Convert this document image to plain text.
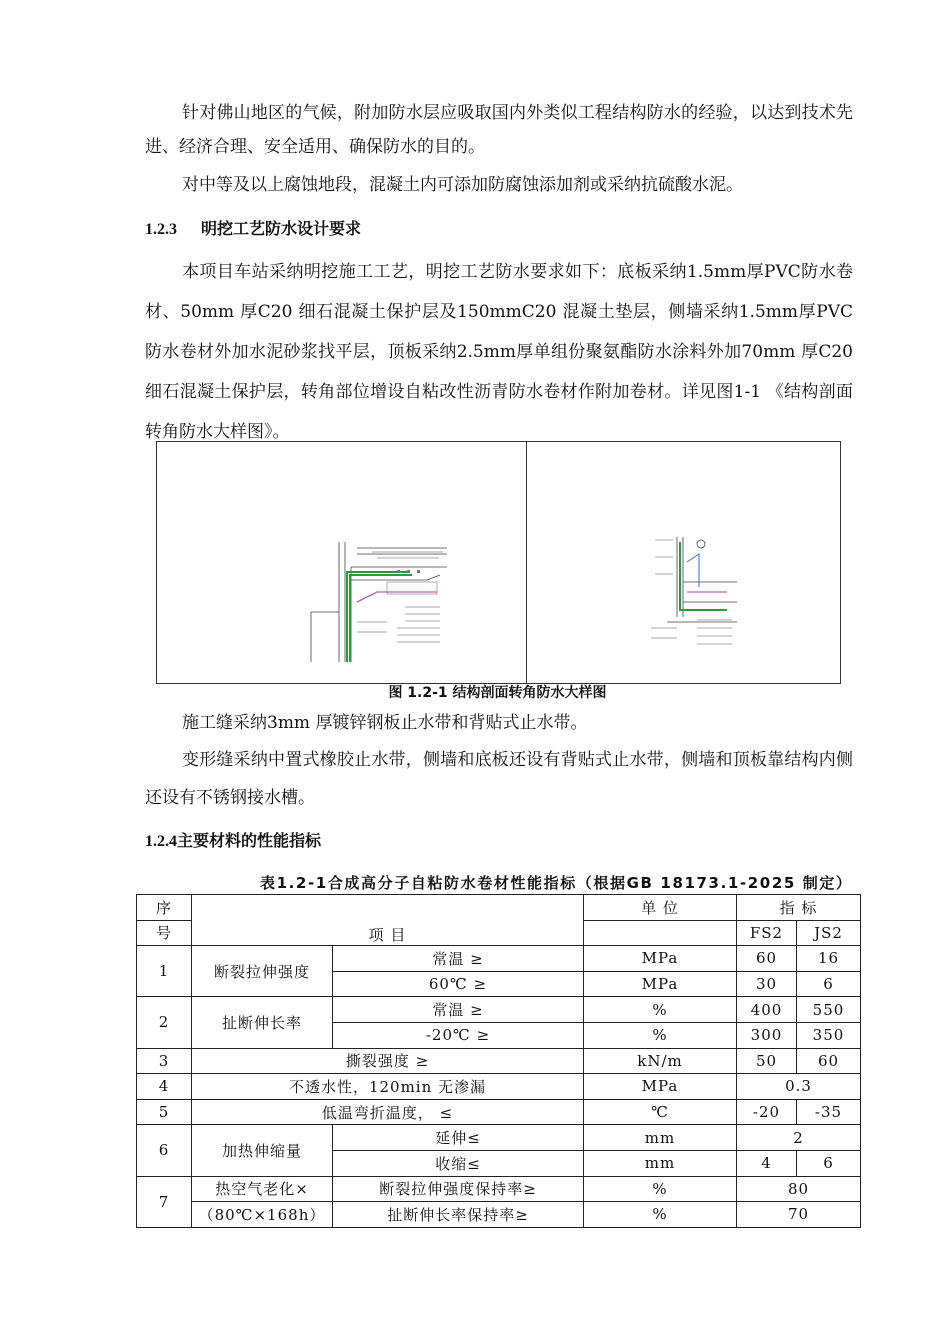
针对佛山地区的气候，附加防水层应吸取国内外类似工程结构防水的经验，以达到技术先进、经济合理、安全适用、确保防水的目的。

对中等及以上腐蚀地段，混凝土内可添加防腐蚀添加剂或采纳抗硫酸水泥。

1.2.3 明挖工艺防水设计要求

本项目车站采纳明挖施工工艺，明挖工艺防水要求如下：底板采纳1.5mm厚PVC防水卷材、50mm 厚C20 细石混凝土保护层及150mmC20 混凝土垫层，侧墙采纳1.5mm厚PVC防水卷材外加水泥砂浆找平层，顶板采纳2.5mm厚单组份聚氨酯防水涂料外加70mm 厚C20 细石混凝土保护层，转角部位增设自粘改性沥青防水卷材作附加卷材。详见图1-1 《结构剖面转角防水大样图》。

图 1.2-1 结构剖面转角防水大样图

施工缝采纳3mm 厚镀锌钢板止水带和背贴式止水带。

变形缝采纳中置式橡胶止水带，侧墙和底板还设有背贴式止水带，侧墙和顶板靠结构内侧还设有不锈钢接水槽。

1.2.4主要材料的性能指标
表1.2-1合成高分子自粘防水卷材性能指标（根据GB 18173.1-2025 制定）
序	项 目		单 位	指 标	
号				FS2	JS2
1	断裂拉伸强度	常温 ≥	MPa	60	16
		60℃ ≥	MPa	30	6
2	扯断伸长率	常温 ≥	%	400	550
		-20℃ ≥	%	300	350
3	撕裂强度 ≥		kN/m	50	60
4	不透水性，120min 无渗漏		MPa	0.3	
5	低温弯折温度， ≤		℃	-20	-35
6	加热伸缩量	延伸≤	mm	2	
		收缩≤	mm	4	6
7	热空气老化×	断裂拉伸强度保持率≥	%	80	
	（80℃×168h）	扯断伸长率保持率≥	%	70	
